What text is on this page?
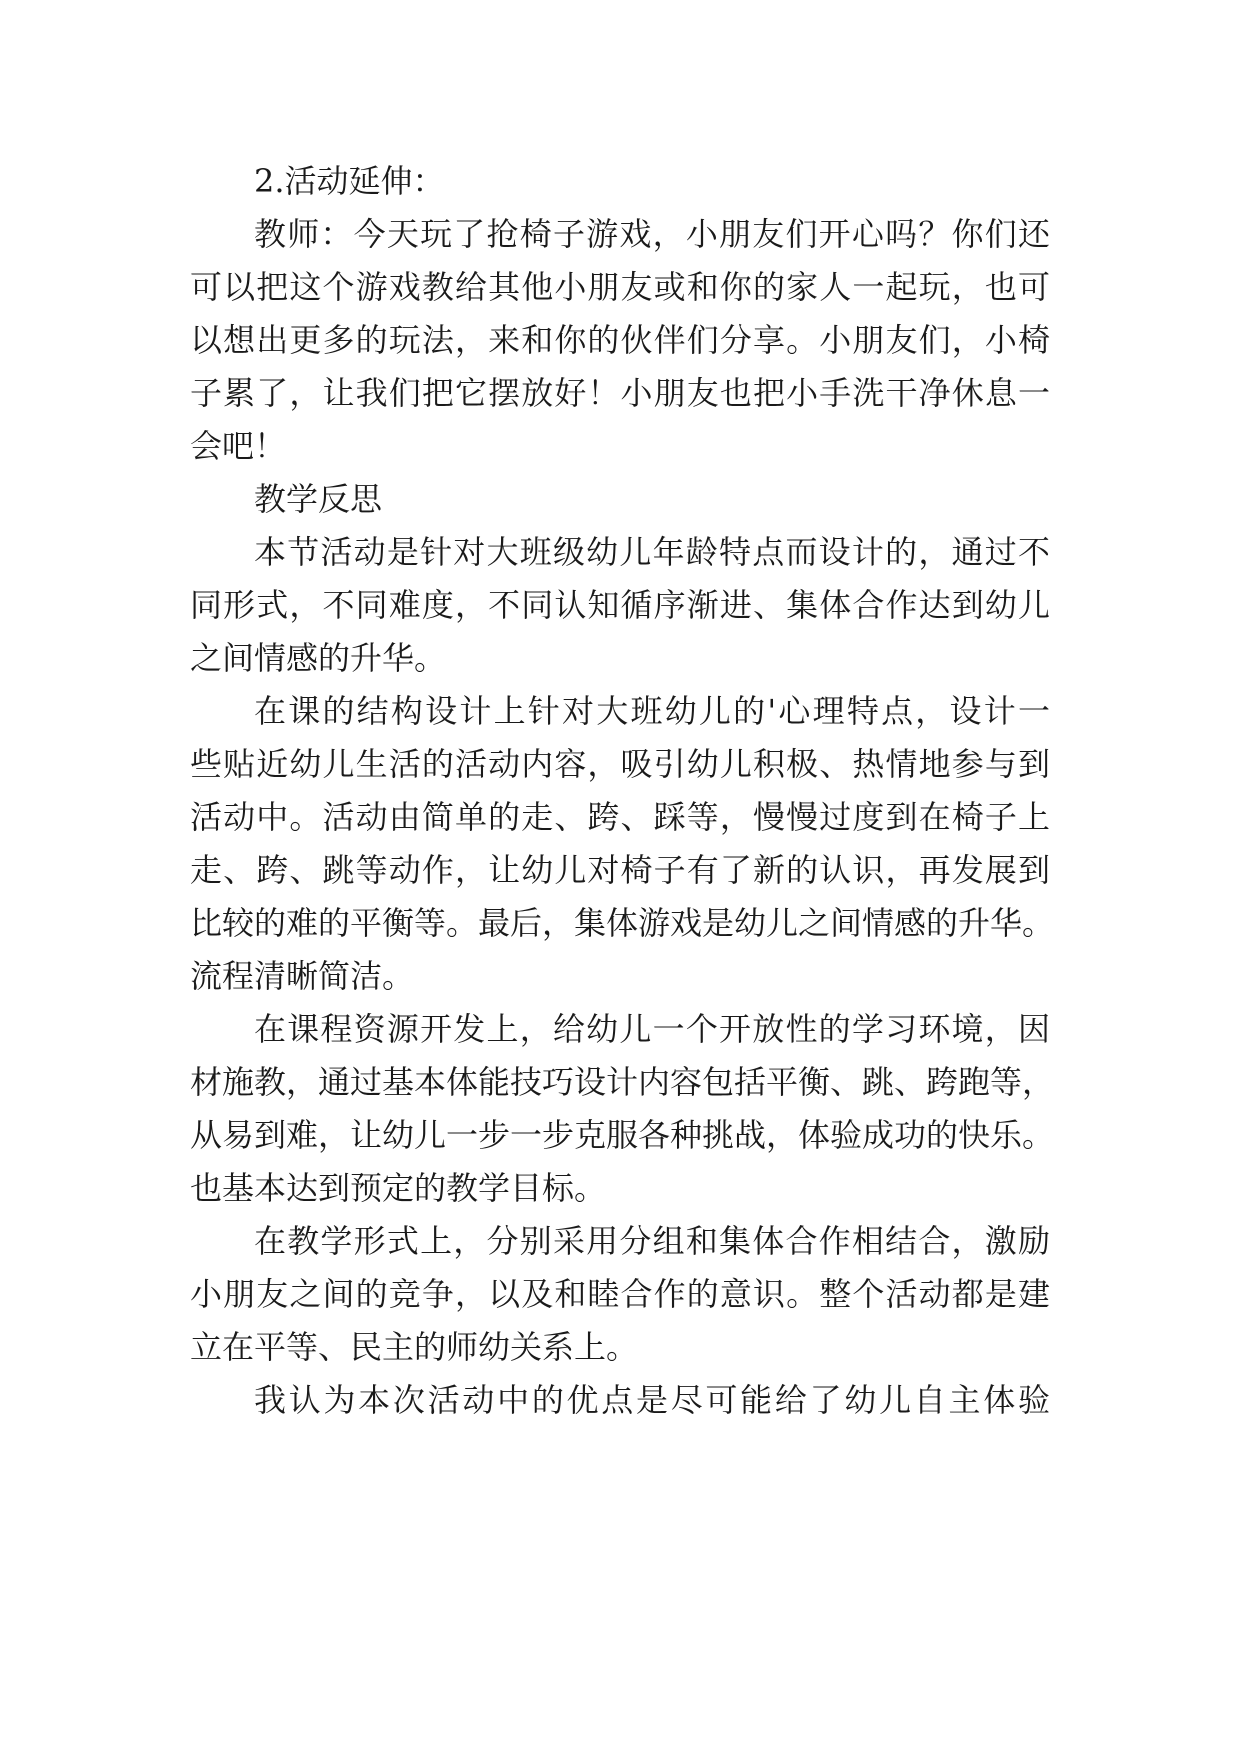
2.活动延伸：
教师：今天玩了抢椅子游戏，小朋友们开心吗？你们还
可以把这个游戏教给其他小朋友或和你的家人一起玩，也可
以想出更多的玩法，来和你的伙伴们分享。小朋友们，小椅
子累了，让我们把它摆放好！小朋友也把小手洗干净休息一
会吧！
教学反思
本节活动是针对大班级幼儿年龄特点而设计的，通过不
同形式，不同难度，不同认知循序渐进、集体合作达到幼儿
之间情感的升华。
在课的结构设计上针对大班幼儿的'心理特点，设计一
些贴近幼儿生活的活动内容，吸引幼儿积极、热情地参与到
活动中。活动由简单的走、跨、踩等，慢慢过度到在椅子上
走、跨、跳等动作，让幼儿对椅子有了新的认识，再发展到
比较的难的平衡等。最后，集体游戏是幼儿之间情感的升华。
流程清晰简洁。
在课程资源开发上，给幼儿一个开放性的学习环境，因
材施教，通过基本体能技巧设计内容包括平衡、跳、跨跑等，
从易到难，让幼儿一步一步克服各种挑战，体验成功的快乐。
也基本达到预定的教学目标。
在教学形式上，分别采用分组和集体合作相结合，激励
小朋友之间的竞争，以及和睦合作的意识。整个活动都是建
立在平等、民主的师幼关系上。
我认为本次活动中的优点是尽可能给了幼儿自主体验
